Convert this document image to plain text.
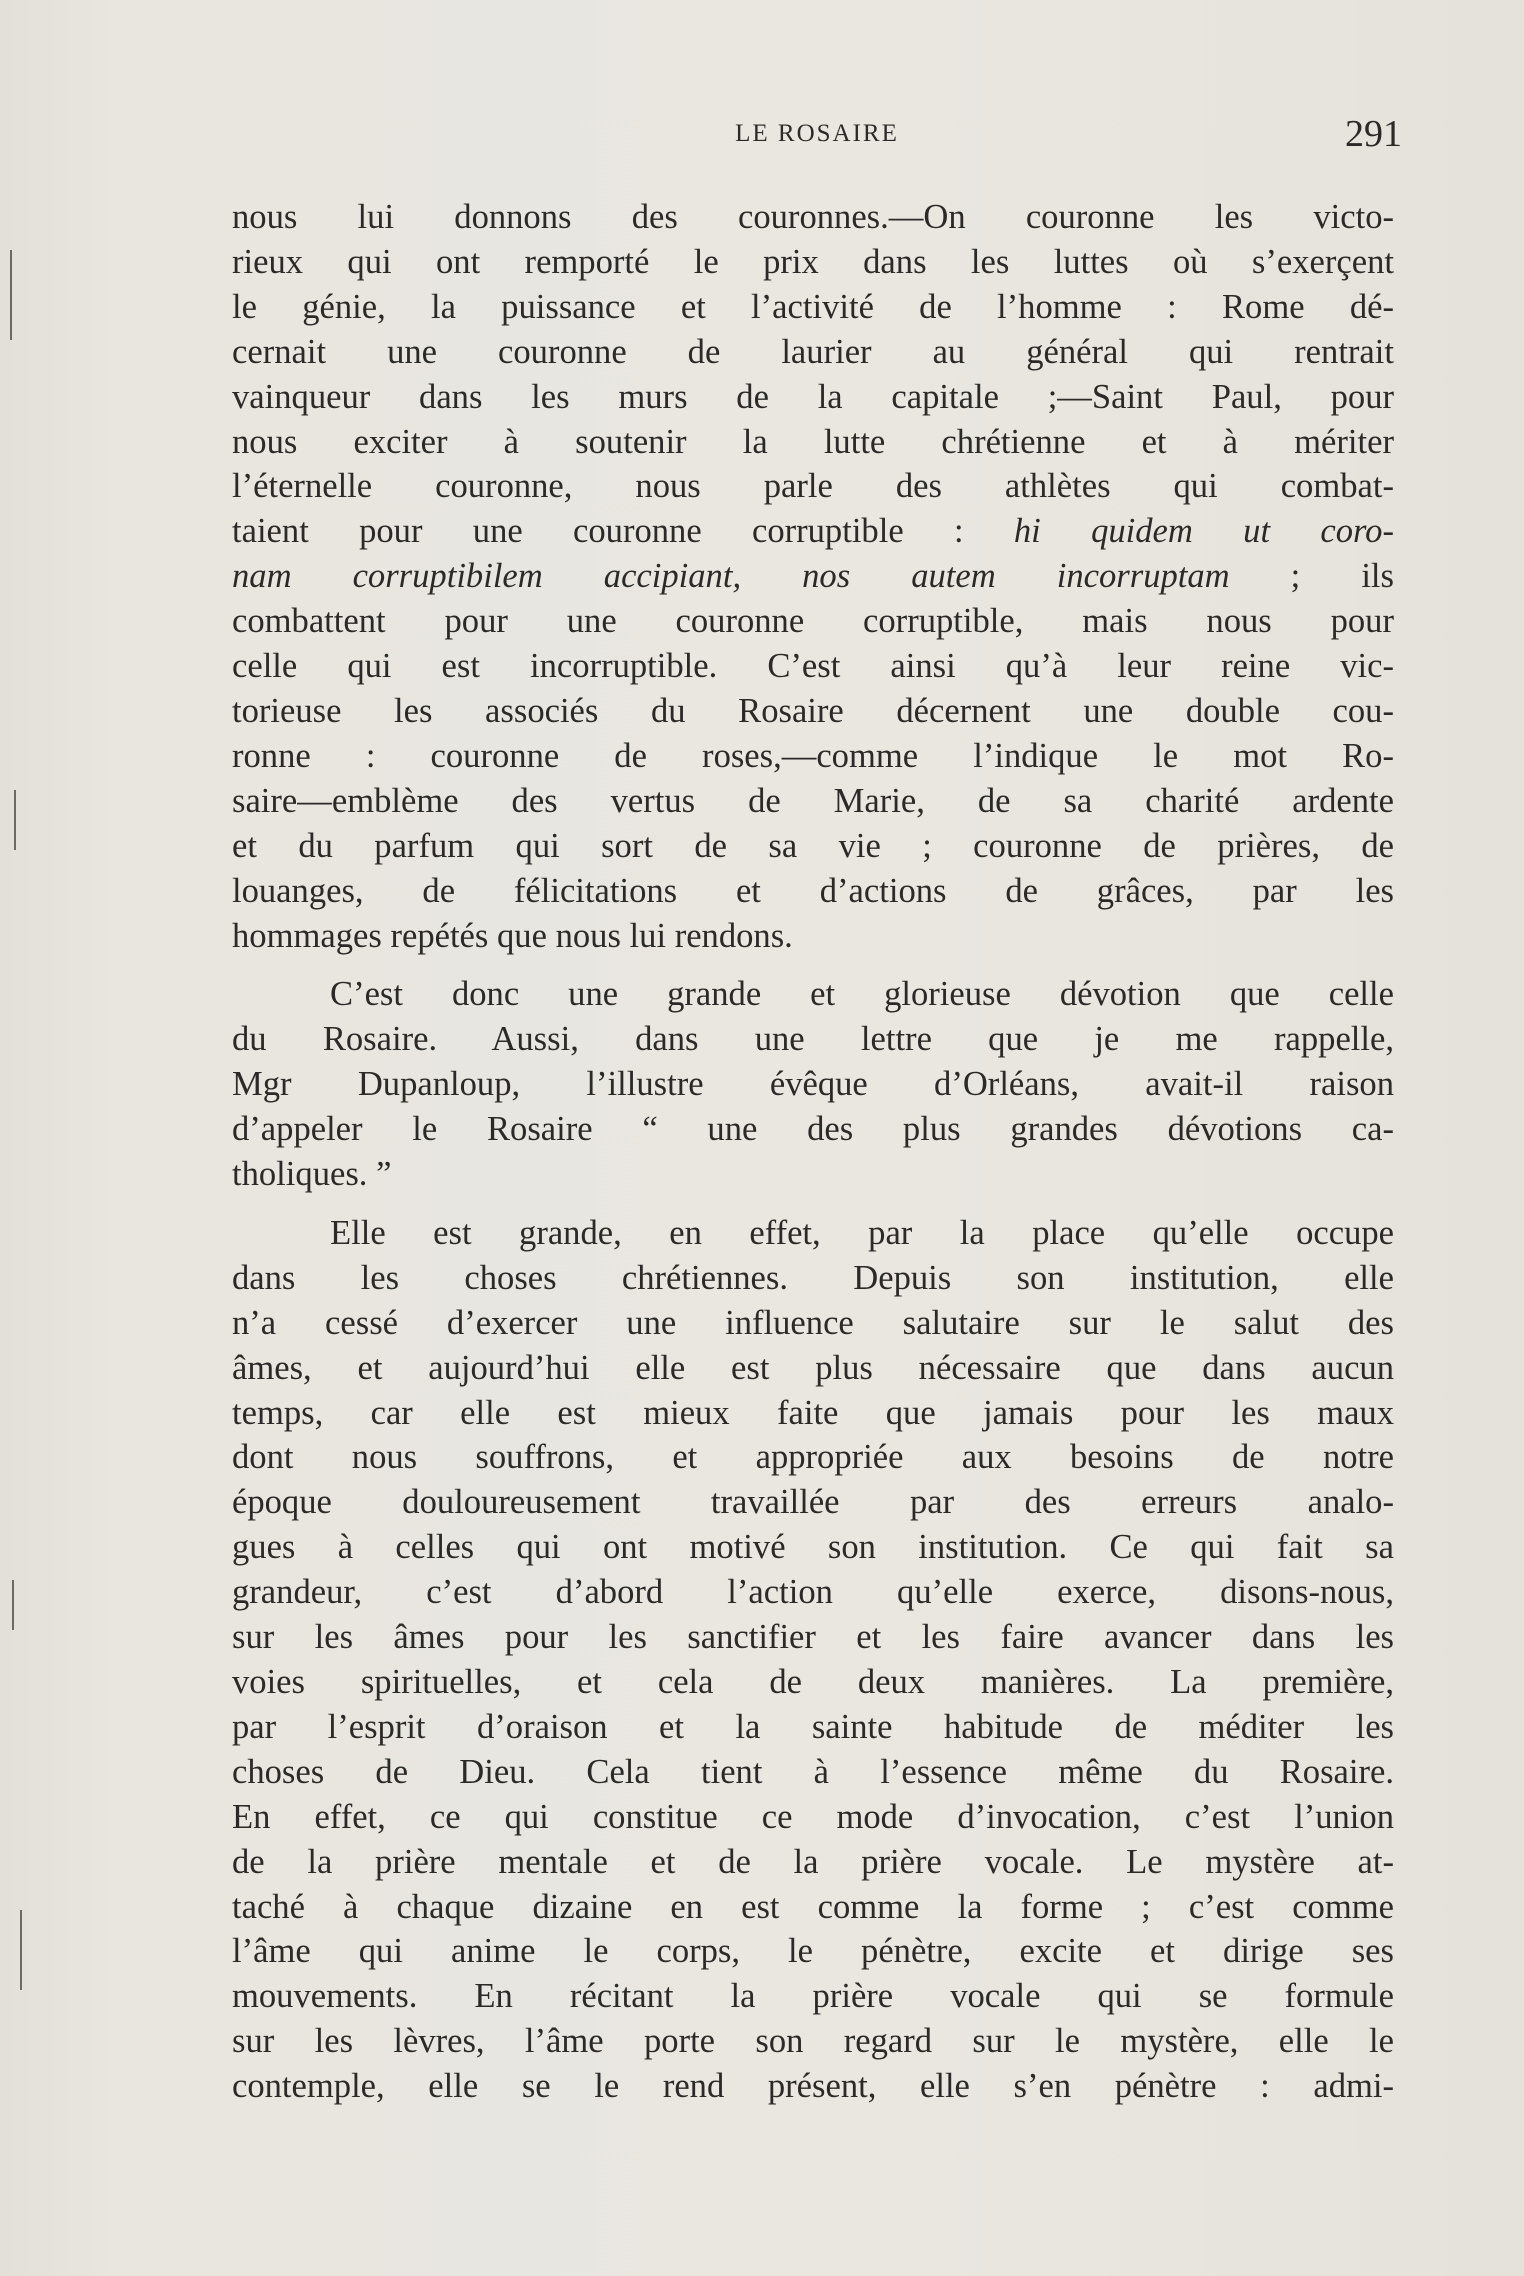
LE ROSAIRE	291

nous lui donnons des couronnes.—On couronne les victo-
rieux qui ont remporté le prix dans les luttes où s’exerçent
le génie, la puissance et l’activité de l’homme : Rome dé-
cernait une couronne de laurier au général qui rentrait
vainqueur dans les murs de la capitale ;—Saint Paul, pour
nous exciter à soutenir la lutte chrétienne et à mériter
l’éternelle couronne, nous parle des athlètes qui combat-
taient pour une couronne corruptible : hi quidem ut coro-
nam corruptibilem accipiant, nos autem incorruptam ; ils
combattent pour une couronne corruptible, mais nous pour
celle qui est incorruptible. C’est ainsi qu’à leur reine vic-
torieuse les associés du Rosaire décernent une double cou-
ronne : couronne de roses,—comme l’indique le mot Ro-
saire—emblème des vertus de Marie, de sa charité ardente
et du parfum qui sort de sa vie ; couronne de prières, de
louanges, de félicitations et d’actions de grâces, par les
hommages repétés que nous lui rendons.

C’est donc une grande et glorieuse dévotion que celle
du Rosaire. Aussi, dans une lettre que je me rappelle,
Mgr Dupanloup, l’illustre évêque d’Orléans, avait-il raison
d’appeler le Rosaire “ une des plus grandes dévotions ca-
tholiques. ”

Elle est grande, en effet, par la place qu’elle occupe
dans les choses chrétiennes. Depuis son institution, elle
n’a cessé d’exercer une influence salutaire sur le salut des
âmes, et aujourd’hui elle est plus nécessaire que dans aucun
temps, car elle est mieux faite que jamais pour les maux
dont nous souffrons, et appropriée aux besoins de notre
époque douloureusement travaillée par des erreurs analo-
gues à celles qui ont motivé son institution. Ce qui fait sa
grandeur, c’est d’abord l’action qu’elle exerce, disons-nous,
sur les âmes pour les sanctifier et les faire avancer dans les
voies spirituelles, et cela de deux manières. La première,
par l’esprit d’oraison et la sainte habitude de méditer les
choses de Dieu. Cela tient à l’essence même du Rosaire.
En effet, ce qui constitue ce mode d’invocation, c’est l’union
de la prière mentale et de la prière vocale. Le mystère at-
taché à chaque dizaine en est comme la forme ; c’est comme
l’âme qui anime le corps, le pénètre, excite et dirige ses
mouvements. En récitant la prière vocale qui se formule
sur les lèvres, l’âme porte son regard sur le mystère, elle le
contemple, elle se le rend présent, elle s’en pénètre : admi-
